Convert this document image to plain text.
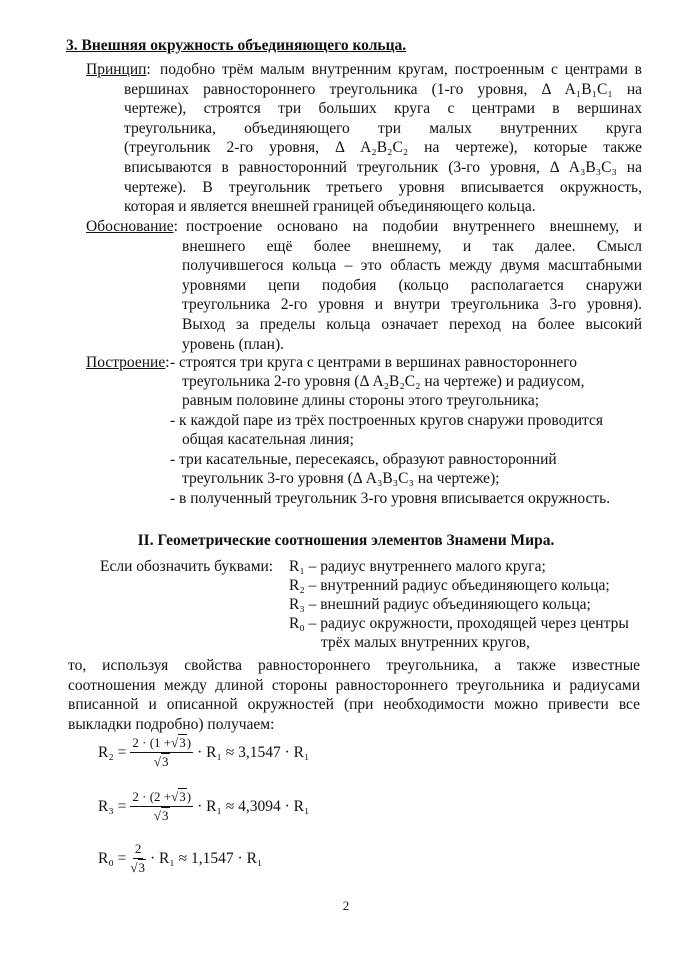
3. Внешняя окружность объединяющего кольца.
Принцип: подобно трём малым внутренним кругам, построенным с центрами в
вершинах равностороннего треугольника (1-го уровня, Δ A₁B₁C₁ на
чертеже), строятся три больших круга с центрами в вершинах
треугольника, объединяющего три малых внутренних круга
(треугольник 2-го уровня, Δ A₂B₂C₂ на чертеже), которые также
вписываются в равносторонний треугольник (3-го уровня, Δ A₃B₃C₃ на
чертеже). В треугольник третьего уровня вписывается окружность,
которая и является внешней границей объединяющего кольца.
Обоснование: построение основано на подобии внутреннего внешнему, и
внешнего ещё более внешнему, и так далее. Смысл
получившегося кольца – это область между двумя масштабными
уровнями цепи подобия (кольцо располагается снаружи
треугольника 2-го уровня и внутри треугольника 3-го уровня).
Выход за пределы кольца означает переход на более высокий
уровень (план).
Построение: - строятся три круга с центрами в вершинах равностороннего
треугольника 2-го уровня (Δ A₂B₂C₂ на чертеже) и радиусом,
равным половине длины стороны этого треугольника;
- к каждой паре из трёх построенных кругов снаружи проводится
общая касательная линия;
- три касательные, пересекаясь, образуют равносторонний
треугольник 3-го уровня (Δ A₃B₃C₃ на чертеже);
- в полученный треугольник 3-го уровня вписывается окружность.
II. Геометрические соотношения элементов Знамени Мира.
Если обозначить буквами: R₁ – радиус внутреннего малого круга;
R₂ – внутренний радиус объединяющего кольца;
R₃ – внешний радиус объединяющего кольца;
R₀ – радиус окружности, проходящей через центры
трёх малых внутренних кругов,
то, используя свойства равностороннего треугольника, а также известные
соотношения между длиной стороны равностороннего треугольника и радиусами
вписанной и описанной окружностей (при необходимости можно привести все
выкладки подробно) получаем:
$R_2 = \frac{2 \cdot (1 +√3)}{√3} \cdot R_1 \approx 3,1547 \cdot R_1$
$R_3 = \frac{2 \cdot (2 +√3)}{√3} \cdot R_1 \approx 4,3094 \cdot R_1$
$R_0 = \frac{2}{√3} \cdot R_1 \approx 1,1547 \cdot R_1$
2
